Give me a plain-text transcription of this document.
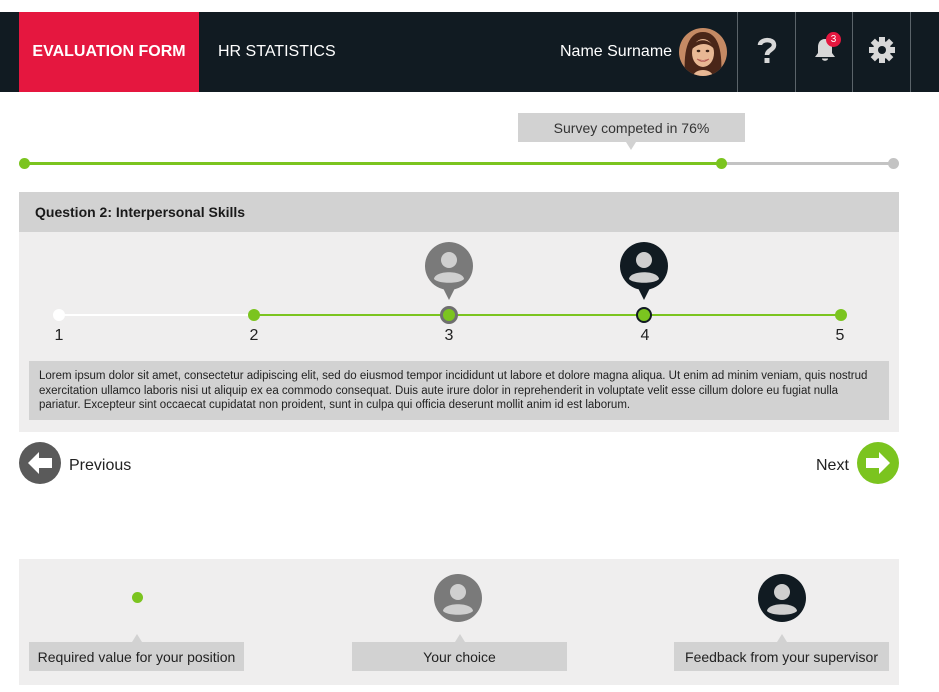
EVALUATION FORM	HR STATISTICS	Name Surname
3
Survey competed in 76%
Question 2: Interpersonal Skills
1	2	3	4	5
Lorem ipsum dolor sit amet, consectetur adipiscing elit, sed do eiusmod tempor incididunt ut labore et dolore magna aliqua. Ut enim ad minim veniam, quis nostrud exercitation ullamco laboris nisi ut aliquip ex ea commodo consequat. Duis aute irure dolor in reprehenderit in voluptate velit esse cillum dolore eu fugiat nulla pariatur. Excepteur sint occaecat cupidatat non proident, sunt in culpa qui officia deserunt mollit anim id est laborum.
Previous	Next
Required value for your position	Your choice	Feedback from your supervisor
